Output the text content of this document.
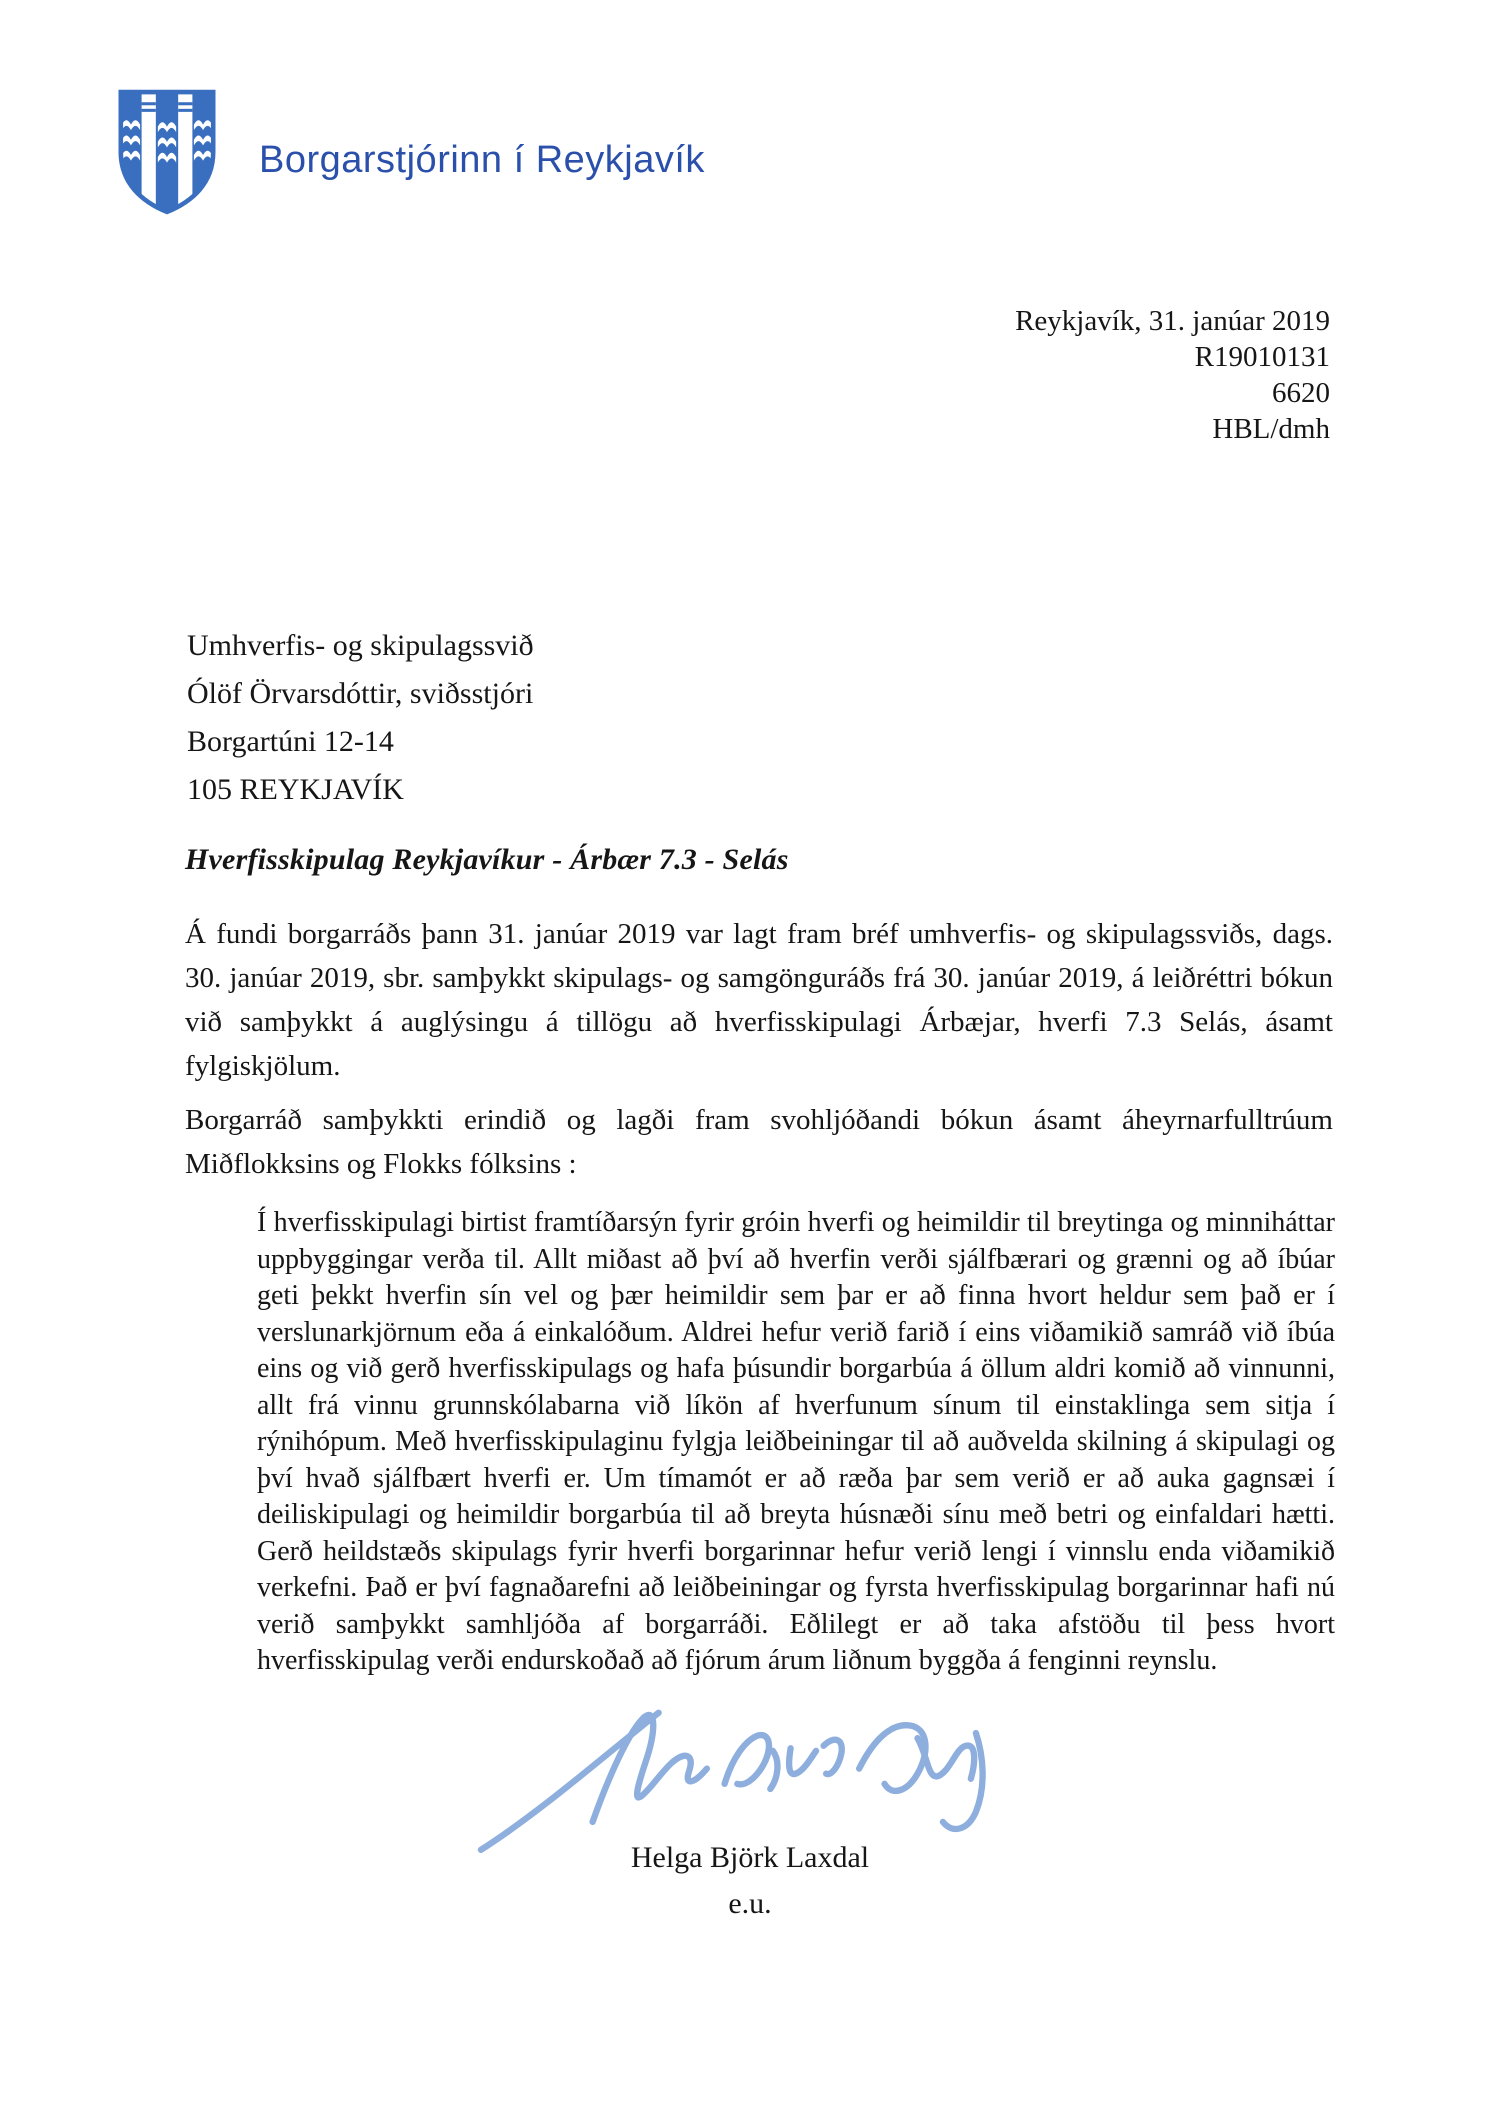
Borgarstjórinn í Reykjavík
Reykjavík, 31. janúar 2019
R19010131
6620
HBL/dmh
Umhverfis- og skipulagssvið
Ólöf Örvarsdóttir, sviðsstjóri
Borgartúni 12-14
105 REYKJAVÍK
Hverfisskipulag Reykjavíkur - Árbær 7.3 - Selás

Á fundi borgarráðs þann 31. janúar 2019 var lagt fram bréf umhverfis- og skipulagssviðs, dags. 30. janúar 2019, sbr. samþykkt skipulags- og samgönguráðs frá 30. janúar 2019, á leiðréttri bókun við samþykkt á auglýsingu á tillögu að hverfisskipulagi Árbæjar, hverfi 7.3 Selás, ásamt fylgiskjölum.

Borgarráð samþykkti erindið og lagði fram svohljóðandi bókun ásamt áheyrnarfulltrúum Miðflokksins og Flokks fólksins :

Í hverfisskipulagi birtist framtíðarsýn fyrir gróin hverfi og heimildir til breytinga og minniháttar uppbyggingar verða til. Allt miðast að því að hverfin verði sjálfbærari og grænni og að íbúar geti þekkt hverfin sín vel og þær heimildir sem þar er að finna hvort heldur sem það er í verslunarkjörnum eða á einkalóðum. Aldrei hefur verið farið í eins viðamikið samráð við íbúa eins og við gerð hverfisskipulags og hafa þúsundir borgarbúa á öllum aldri komið að vinnunni, allt frá vinnu grunnskólabarna við líkön af hverfunum sínum til einstaklinga sem sitja í rýnihópum. Með hverfisskipulaginu fylgja leiðbeiningar til að auðvelda skilning á skipulagi og því hvað sjálfbært hverfi er. Um tímamót er að ræða þar sem verið er að auka gagnsæi í deiliskipulagi og heimildir borgarbúa til að breyta húsnæði sínu með betri og einfaldari hætti. Gerð heildstæðs skipulags fyrir hverfi borgarinnar hefur verið lengi í vinnslu enda viðamikið verkefni. Það er því fagnaðarefni að leiðbeiningar og fyrsta hverfisskipulag borgarinnar hafi nú verið samþykkt samhljóða af borgarráði. Eðlilegt er að taka afstöðu til þess hvort hverfisskipulag verði endurskoðað að fjórum árum liðnum byggða á fenginni reynslu.

Helga Björk Laxdal
e.u.
